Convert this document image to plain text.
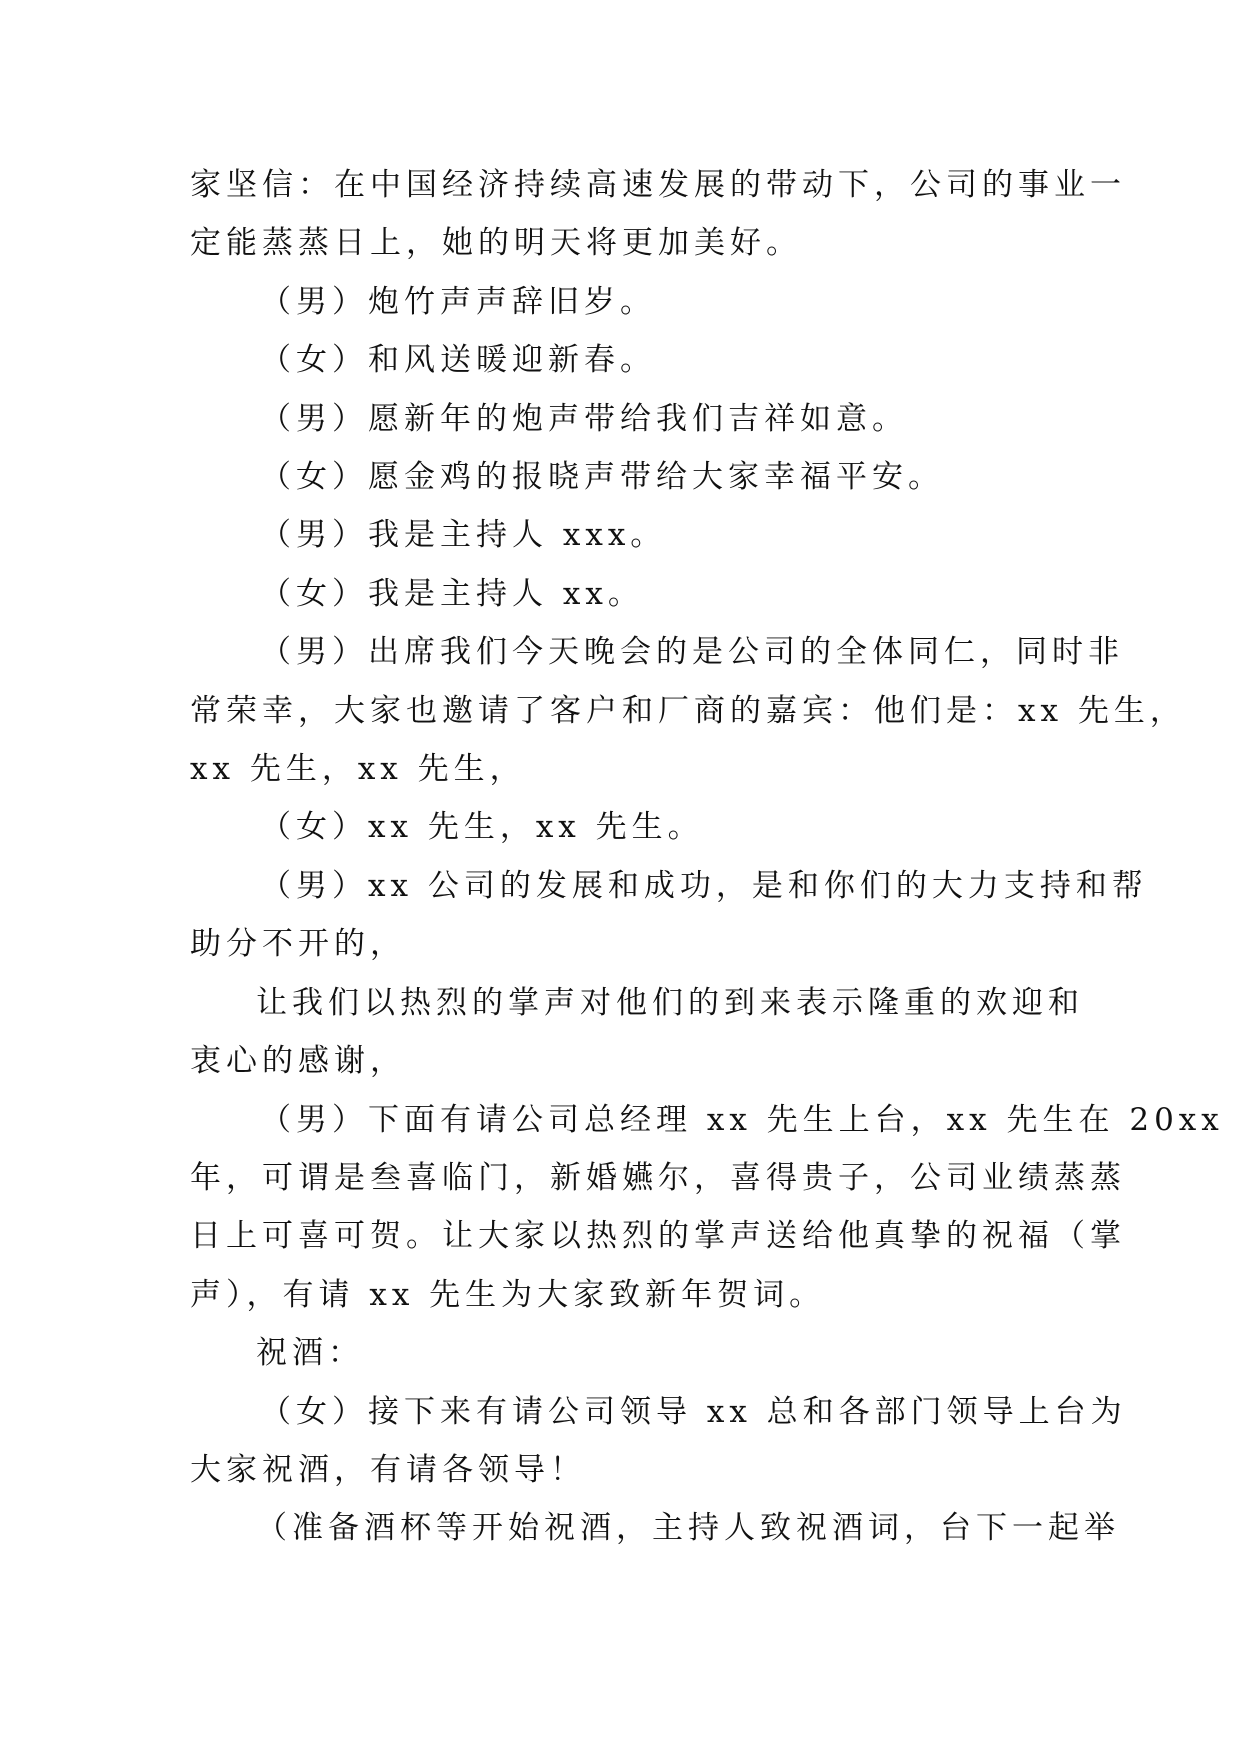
家坚信：在中国经济持续高速发展的带动下，公司的事业一
定能蒸蒸日上，她的明天将更加美好。

（男）炮竹声声辞旧岁。

（女）和风送暖迎新春。

（男）愿新年的炮声带给我们吉祥如意。

（女）愿金鸡的报晓声带给大家幸福平安。

（男）我是主持人 xxx。

（女）我是主持人 xx。

（男）出席我们今天晚会的是公司的全体同仁，同时非
常荣幸，大家也邀请了客户和厂商的嘉宾：他们是：xx 先生，
xx 先生，xx 先生，

（女）xx 先生，xx 先生。

（男）xx 公司的发展和成功，是和你们的大力支持和帮
助分不开的，

让我们以热烈的掌声对他们的到来表示隆重的欢迎和
衷心的感谢，

（男）下面有请公司总经理 xx 先生上台，xx 先生在 20xx
年，可谓是叁喜临门，新婚嬿尔，喜得贵子，公司业绩蒸蒸
日上可喜可贺。让大家以热烈的掌声送给他真挚的祝福（掌
声），有请 xx 先生为大家致新年贺词。

祝酒：

（女）接下来有请公司领导 xx 总和各部门领导上台为
大家祝酒，有请各领导！

（准备酒杯等开始祝酒，主持人致祝酒词，台下一起举
